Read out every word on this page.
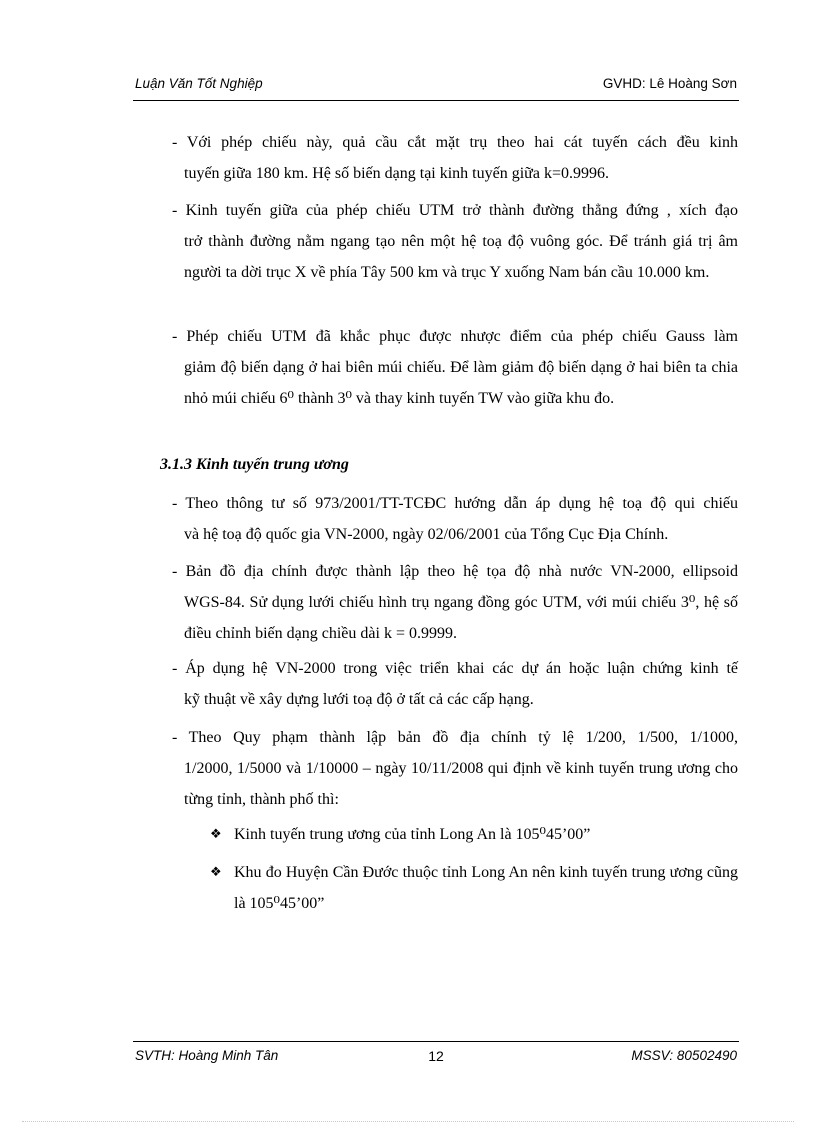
Luận Văn Tốt Nghiệp	GVHD: Lê Hoàng Sơn
- Với phép chiếu này, quả cầu cắt mặt trụ theo hai cát tuyến cách đều kinh
tuyến giữa 180 km. Hệ số biến dạng tại kinh tuyến giữa k=0.9996.
- Kinh tuyến giữa của phép chiếu UTM trở thành đường thẳng đứng , xích đạo
trở thành đường nằm ngang tạo nên một hệ toạ độ vuông góc. Để tránh giá trị âm người ta dời trục X về phía Tây 500 km và trục Y xuống Nam bán cầu 10.000 km.
- Phép chiếu UTM đã khắc phục được nhược điểm của phép chiếu Gauss làm
giảm độ biến dạng ở hai biên múi chiếu. Để làm giảm độ biến dạng ở hai biên ta chia nhỏ múi chiếu 6⁰ thành 3⁰ và thay kinh tuyến TW vào giữa khu đo.
3.1.3 Kinh tuyến trung ương
- Theo thông tư số 973/2001/TT-TCĐC hướng dẫn áp dụng hệ toạ độ qui chiếu
và hệ toạ độ quốc gia VN-2000, ngày 02/06/2001 của Tổng Cục Địa Chính.
- Bản đồ địa chính được thành lập theo hệ tọa độ nhà nước VN-2000, ellipsoid
WGS-84. Sử dụng lưới chiếu hình trụ ngang đồng góc UTM, với múi chiếu 3⁰, hệ số điều chỉnh biến dạng chiều dài k = 0.9999.
- Áp dụng hệ VN-2000 trong việc triển khai các dự án hoặc luận chứng kinh tế
kỹ thuật về xây dựng lưới toạ độ ở tất cả các cấp hạng.
- Theo Quy phạm thành lập bản đồ địa chính tỷ lệ 1/200, 1/500, 1/1000,
1/2000, 1/5000 và 1/10000 – ngày 10/11/2008 qui định về kinh tuyến trung ương cho từng tỉnh, thành phố thì:
❖ Kinh tuyến trung ương của tỉnh Long An là 105⁰45’00”
❖ Khu đo Huyện Cần Đước thuộc tỉnh Long An nên kinh tuyến trung ương cũng là 105⁰45’00”
SVTH: Hoàng Minh Tân	12	MSSV: 80502490
